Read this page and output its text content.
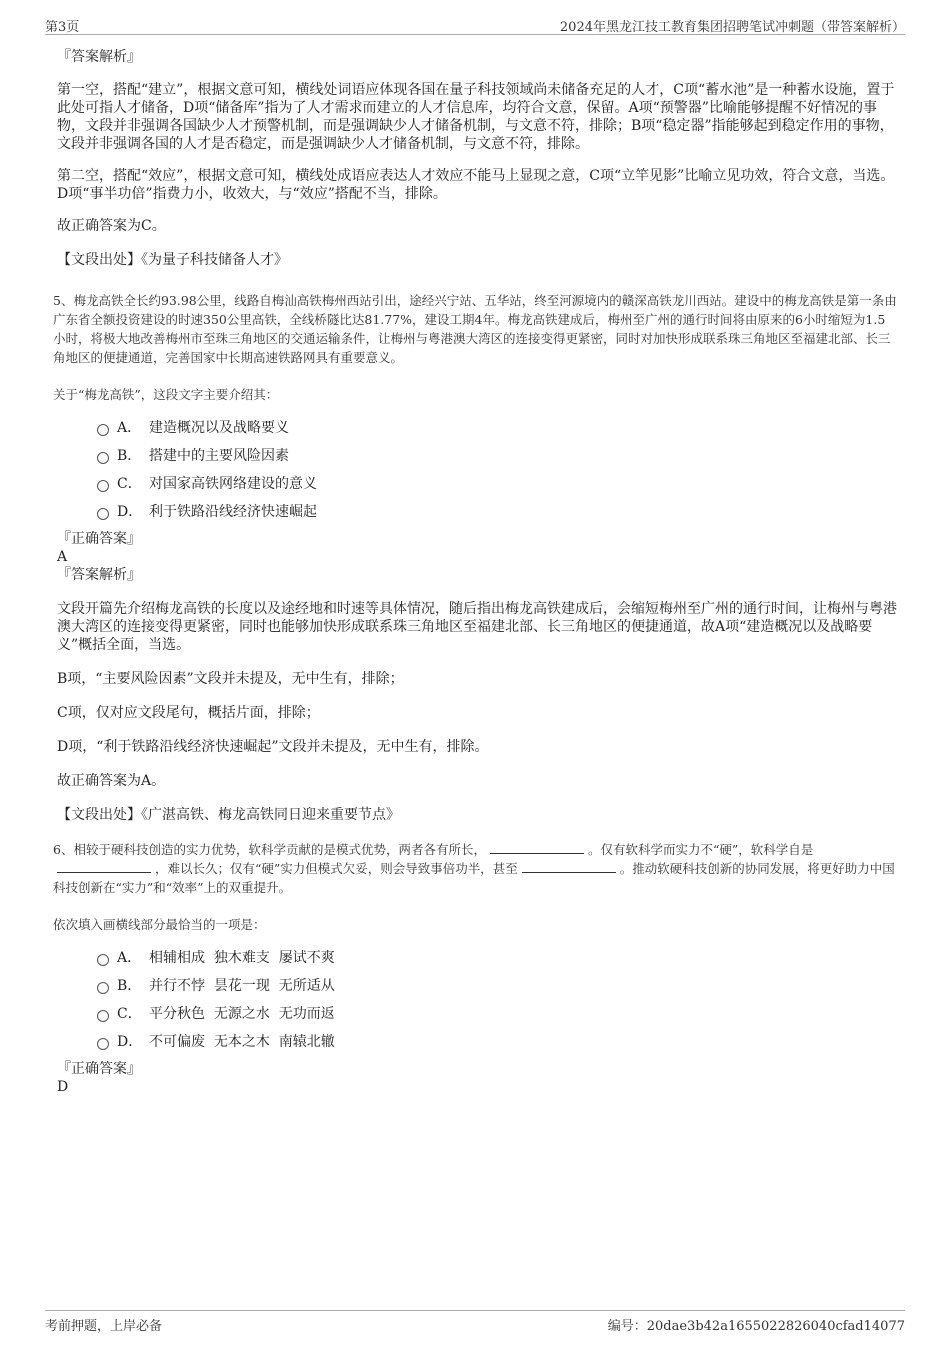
第3页	2024年黑龙江技工教育集团招聘笔试冲刺题（带答案解析）

『答案解析』

第一空，搭配“建立”，根据文意可知，横线处词语应体现各国在量子科技领域尚未储备充足的人才，C项“蓄水池”是一种蓄水设施，置于此处可指人才储备，D项“储备库”指为了人才需求而建立的人才信息库，均符合文意，保留。A项“预警器”比喻能够提醒不好情况的事物，文段并非强调各国缺少人才预警机制，而是强调缺少人才储备机制，与文意不符，排除；B项“稳定器”指能够起到稳定作用的事物，文段并非强调各国的人才是否稳定，而是强调缺少人才储备机制，与文意不符，排除。

第二空，搭配“效应”，根据文意可知，横线处成语应表达人才效应不能马上显现之意，C项“立竿见影”比喻立见功效，符合文意，当选。D项“事半功倍”指费力小，收效大，与“效应”搭配不当，排除。

故正确答案为C。

【文段出处】《为量子科技储备人才》

5、梅龙高铁全长约93.98公里，线路自梅汕高铁梅州西站引出，途经兴宁站、五华站，终至河源境内的赣深高铁龙川西站。建设中的梅龙高铁是第一条由广东省全额投资建设的时速350公里高铁，全线桥隧比达81.77%，建设工期4年。梅龙高铁建成后，梅州至广州的通行时间将由原来的6小时缩短为1.5小时，将极大地改善梅州市至珠三角地区的交通运输条件，让梅州与粤港澳大湾区的连接变得更紧密，同时对加快形成联系珠三角地区至福建北部、长三角地区的便捷通道，完善国家中长期高速铁路网具有重要意义。

关于“梅龙高铁”，这段文字主要介绍其：

A． 建造概况以及战略要义
B． 搭建中的主要风险因素
C． 对国家高铁网络建设的意义
D． 利于铁路沿线经济快速崛起

『正确答案』

A

『答案解析』

文段开篇先介绍梅龙高铁的长度以及途经地和时速等具体情况，随后指出梅龙高铁建成后，会缩短梅州至广州的通行时间，让梅州与粤港澳大湾区的连接变得更紧密，同时也能够加快形成联系珠三角地区至福建北部、长三角地区的便捷通道，故A项“建造概况以及战略要义”概括全面，当选。

B项，“主要风险因素”文段并未提及，无中生有，排除；

C项，仅对应文段尾句，概括片面，排除；

D项，“利于铁路沿线经济快速崛起”文段并未提及，无中生有，排除。

故正确答案为A。

【文段出处】《广湛高铁、梅龙高铁同日迎来重要节点》

6、相较于硬科技创造的实力优势，软科学贡献的是模式优势，两者各有所长，	。仅有软科学而实力不“硬”，软科学自是，难以长久；仅有“硬”实力但模式欠妥，则会导致事倍功半，甚至	。推动软硬科技创新的协同发展，将更好助力中国科技创新在“实力”和“效率”上的双重提升。

依次填入画横线部分最恰当的一项是：

A． 相辅相成  独木难支  屡试不爽
B． 并行不悖  昙花一现  无所适从
C． 平分秋色  无源之水  无功而返
D． 不可偏废  无本之木  南辕北辙

『正确答案』

D

考前押题，上岸必备	编号：20dae3b42a1655022826040cfad14077
